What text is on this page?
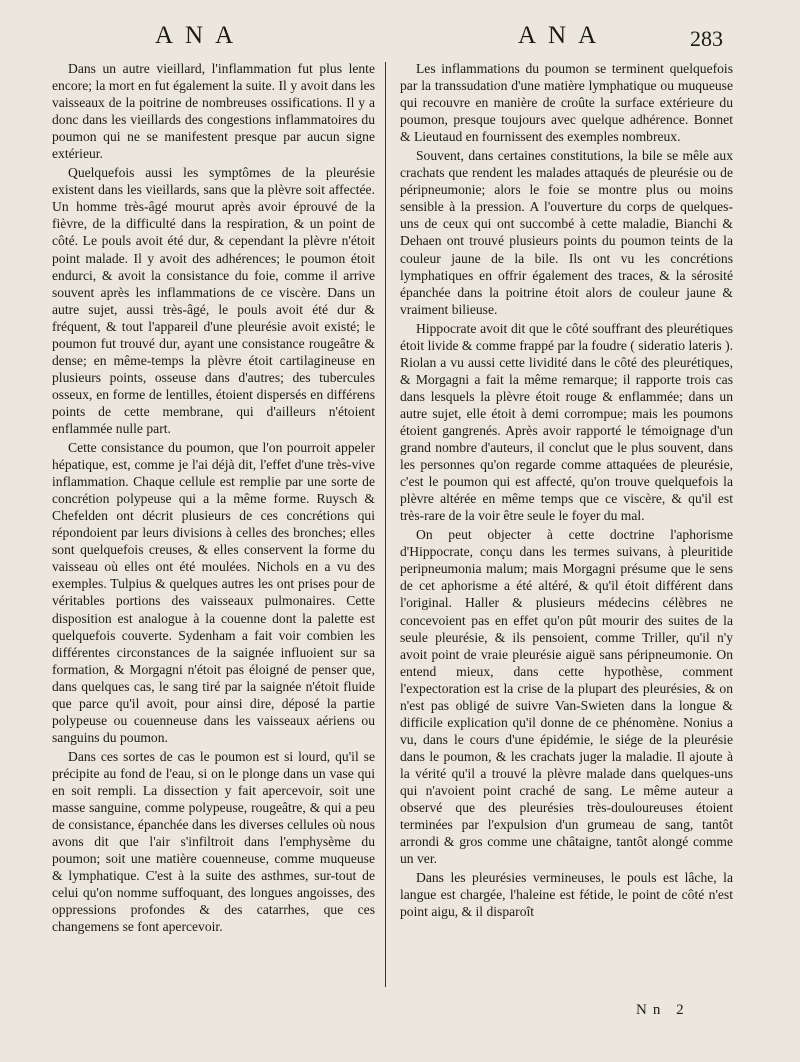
ANA	ANA	283

Dans un autre vieillard, l'inflammation fut plus lente encore; la mort en fut également la suite. Il y avoit dans les vaisseaux de la poitrine de nombreuses ossifications. Il y a donc dans les vieillards des congestions inflammatoires du poumon qui ne se manifestent presque par aucun signe extérieur.

Quelquefois aussi les symptômes de la pleurésie existent dans les vieillards, sans que la plèvre soit affectée. Un homme très-âgé mourut après avoir éprouvé de la fièvre, de la difficulté dans la respiration, & un point de côté. Le pouls avoit été dur, & cependant la plèvre n'étoit point malade. Il y avoit des adhérences; le poumon étoit endurci, & avoit la consistance du foie, comme il arrive souvent après les inflammations de ce viscère. Dans un autre sujet, aussi très-âgé, le pouls avoit été dur & fréquent, & tout l'appareil d'une pleurésie avoit existé; le poumon fut trouvé dur, ayant une consistance rougeâtre & dense; en même-temps la plèvre étoit cartilagineuse en plusieurs points, osseuse dans d'autres; des tubercules osseux, en forme de lentilles, étoient dispersés en différens points de cette membrane, qui d'ailleurs n'étoient enflammée nulle part.

Cette consistance du poumon, que l'on pourroit appeler hépatique, est, comme je l'ai déjà dit, l'effet d'une très-vive inflammation. Chaque cellule est remplie par une sorte de concrétion polypeuse qui a la même forme. Ruysch & Chefelden ont décrit plusieurs de ces concrétions qui répondoient par leurs divisions à celles des bronches; elles sont quelquefois creuses, & elles conservent la forme du vaisseau où elles ont été moulées. Nichols en a vu des exemples. Tulpius & quelques autres les ont prises pour de véritables portions des vaisseaux pulmonaires. Cette disposition est analogue à la couenne dont la palette est quelquefois couverte. Sydenham a fait voir combien les différentes circonstances de la saignée influoient sur sa formation, & Morgagni n'étoit pas éloigné de penser que, dans quelques cas, le sang tiré par la saignée n'étoit fluide que parce qu'il avoit, pour ainsi dire, déposé la partie polypeuse ou couenneuse dans les vaisseaux aériens ou sanguins du poumon.

Dans ces sortes de cas le poumon est si lourd, qu'il se précipite au fond de l'eau, si on le plonge dans un vase qui en soit rempli. La dissection y fait apercevoir, soit une masse sanguine, comme polypeuse, rougeâtre, & qui a peu de consistance, épanchée dans les diverses cellules où nous avons dit que l'air s'infiltroit dans l'emphysème du poumon; soit une matière couenneuse, comme muqueuse & lymphatique. C'est à la suite des asthmes, sur-tout de celui qu'on nomme suffoquant, des longues angoisses, des oppressions profondes & des catarrhes, que ces changemens se font apercevoir.

Les inflammations du poumon se terminent quelquefois par la transsudation d'une matière lymphatique ou muqueuse qui recouvre en manière de croûte la surface extérieure du poumon, presque toujours avec quelque adhérence. Bonnet & Lieutaud en fournissent des exemples nombreux.

Souvent, dans certaines constitutions, la bile se mêle aux crachats que rendent les malades attaqués de pleurésie ou de péripneumonie; alors le foie se montre plus ou moins sensible à la pression. A l'ouverture du corps de quelques-uns de ceux qui ont succombé à cette maladie, Bianchi & Dehaen ont trouvé plusieurs points du poumon teints de la couleur jaune de la bile. Ils ont vu les concrétions lymphatiques en offrir également des traces, & la sérosité épanchée dans la poitrine étoit alors de couleur jaune & vraiment bilieuse.

Hippocrate avoit dit que le côté souffrant des pleurétiques étoit livide & comme frappé par la foudre ( sideratio lateris ). Riolan a vu aussi cette lividité dans le côté des pleurétiques, & Morgagni a fait la même remarque; il rapporte trois cas dans lesquels la plèvre étoit rouge & enflammée; dans un autre sujet, elle étoit à demi corrompue; mais les poumons étoient gangrenés. Après avoir rapporté le témoignage d'un grand nombre d'auteurs, il conclut que le plus souvent, dans les personnes qu'on regarde comme attaquées de pleurésie, c'est le poumon qui est affecté, qu'on trouve quelquefois la plèvre altérée en même temps que ce viscère, & qu'il est très-rare de la voir être seule le foyer du mal.

On peut objecter à cette doctrine l'aphorisme d'Hippocrate, conçu dans les termes suivans, à pleuritide peripneumonia malum; mais Morgagni présume que le sens de cet aphorisme a été altéré, & qu'il étoit différent dans l'original. Haller & plusieurs médecins célèbres ne concevoient pas en effet qu'on pût mourir des suites de la seule pleurésie, & ils pensoient, comme Triller, qu'il n'y avoit point de vraie pleurésie aiguë sans péripneumonie. On entend mieux, dans cette hypothèse, comment l'expectoration est la crise de la plupart des pleurésies, & on n'est pas obligé de suivre Van-Swieten dans la longue & difficile explication qu'il donne de ce phénomène. Nonius a vu, dans le cours d'une épidémie, le siége de la pleurésie dans le poumon, & les crachats juger la maladie. Il ajoute à la vérité qu'il a trouvé la plèvre malade dans quelques-uns qui n'avoient point craché de sang. Le même auteur a observé que des pleurésies très-douloureuses étoient terminées par l'expulsion d'un grumeau de sang, tantôt arrondi & gros comme une châtaigne, tantôt alongé comme un ver.

Dans les pleurésies vermineuses, le pouls est lâche, la langue est chargée, l'haleine est fétide, le point de côté n'est point aigu, & il disparoît

Nn 2
